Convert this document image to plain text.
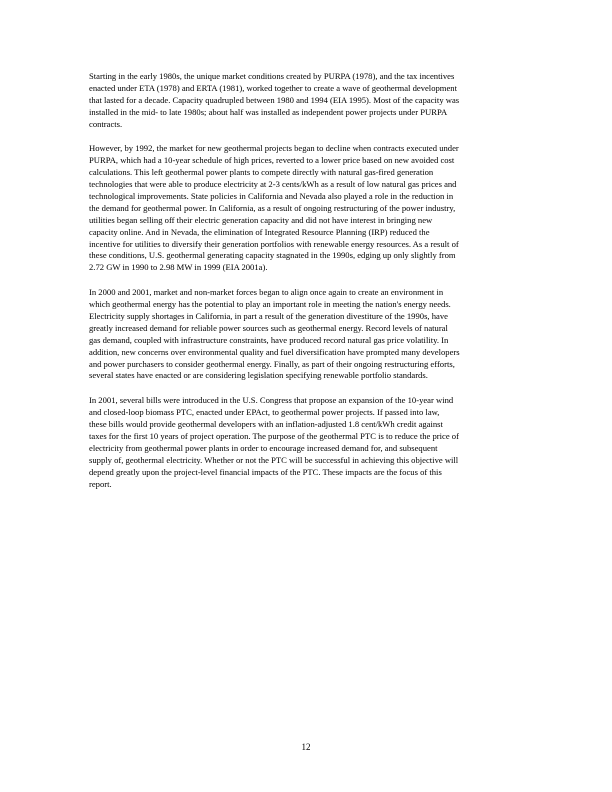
Starting in the early 1980s, the unique market conditions created by PURPA (1978), and the tax incentives
enacted under ETA (1978) and ERTA (1981), worked together to create a wave of geothermal development
that lasted for a decade. Capacity quadrupled between 1980 and 1994 (EIA 1995). Most of the capacity was
installed in the mid- to late 1980s; about half was installed as independent power projects under PURPA
contracts.

However, by 1992, the market for new geothermal projects began to decline when contracts executed under
PURPA, which had a 10-year schedule of high prices, reverted to a lower price based on new avoided cost
calculations. This left geothermal power plants to compete directly with natural gas-fired generation
technologies that were able to produce electricity at 2-3 cents/kWh as a result of low natural gas prices and
technological improvements. State policies in California and Nevada also played a role in the reduction in
the demand for geothermal power. In California, as a result of ongoing restructuring of the power industry,
utilities began selling off their electric generation capacity and did not have interest in bringing new
capacity online. And in Nevada, the elimination of Integrated Resource Planning (IRP) reduced the
incentive for utilities to diversify their generation portfolios with renewable energy resources. As a result of
these conditions, U.S. geothermal generating capacity stagnated in the 1990s, edging up only slightly from
2.72 GW in 1990 to 2.98 MW in 1999 (EIA 2001a).

In 2000 and 2001, market and non-market forces began to align once again to create an environment in
which geothermal energy has the potential to play an important role in meeting the nation's energy needs.
Electricity supply shortages in California, in part a result of the generation divestiture of the 1990s, have
greatly increased demand for reliable power sources such as geothermal energy. Record levels of natural
gas demand, coupled with infrastructure constraints, have produced record natural gas price volatility. In
addition, new concerns over environmental quality and fuel diversification have prompted many developers
and power purchasers to consider geothermal energy. Finally, as part of their ongoing restructuring efforts,
several states have enacted or are considering legislation specifying renewable portfolio standards.

In 2001, several bills were introduced in the U.S. Congress that propose an expansion of the 10-year wind
and closed-loop biomass PTC, enacted under EPAct, to geothermal power projects. If passed into law,
these bills would provide geothermal developers with an inflation-adjusted 1.8 cent/kWh credit against
taxes for the first 10 years of project operation. The purpose of the geothermal PTC is to reduce the price of
electricity from geothermal power plants in order to encourage increased demand for, and subsequent
supply of, geothermal electricity. Whether or not the PTC will be successful in achieving this objective will
depend greatly upon the project-level financial impacts of the PTC. These impacts are the focus of this
report.

12
